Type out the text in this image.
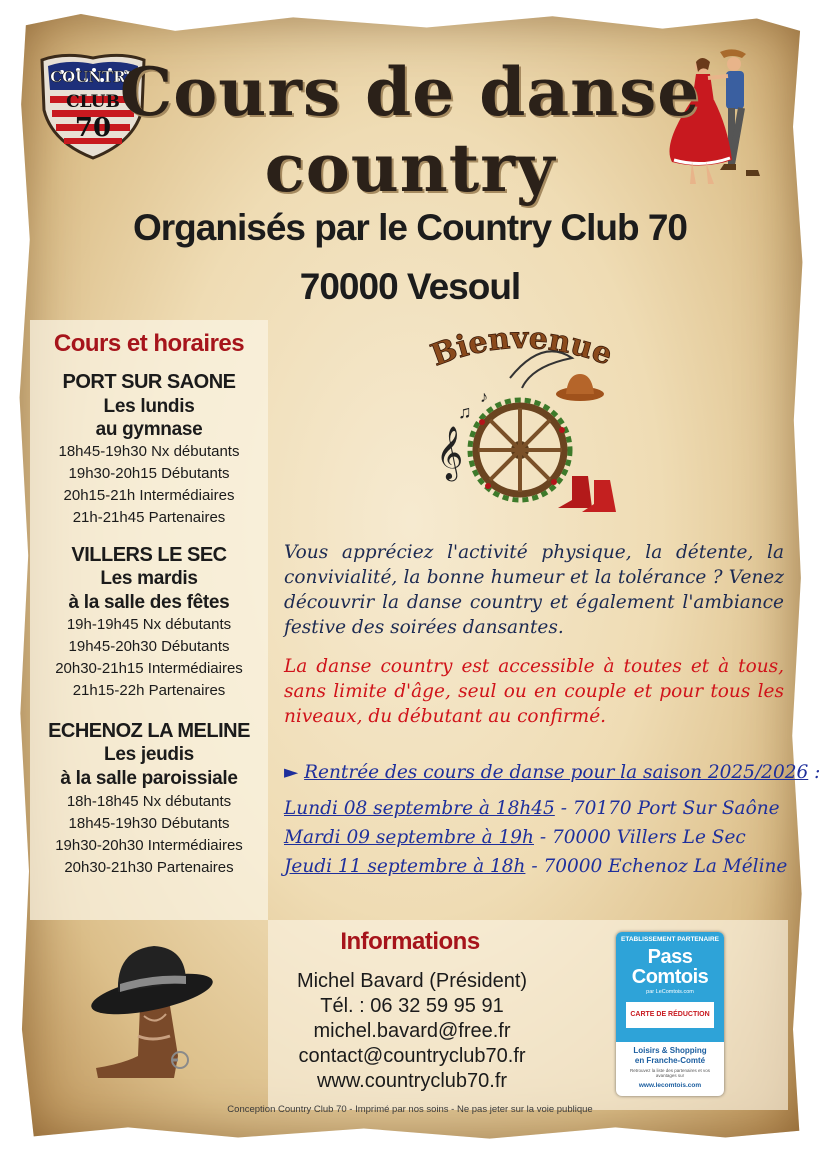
COUNTRY
CLUB
70 Cours de danse
country
Organisés par le Country Club 70
70000 Vesoul
Cours et horaires
PORT SUR SAONE
Les lundis
au gymnase
18h45-19h30 Nx débutants
19h30-20h15 Débutants
20h15-21h Intermédiaires
21h-21h45 Partenaires
VILLERS LE SEC
Les mardis
à la salle des fêtes
19h-19h45 Nx débutants
19h45-20h30 Débutants
20h30-21h15 Intermédiaires
21h15-22h Partenaires
ECHENOZ LA MELINE
Les jeudis
à la salle paroissiale
18h-18h45 Nx débutants
18h45-19h30 Débutants
19h30-20h30 Intermédiaires
20h30-21h30 Partenaires
Bienvenue
𝄞
♫
♪
Vous appréciez l'activité physique, la détente, la convivialité, la bonne humeur et la tolérance ? Venez découvrir la danse country et également l'ambiance festive des soirées dansantes.
La danse country est accessible à toutes et à tous, sans limite d'âge, seul ou en couple et pour tous les niveaux, du débutant au confirmé.
► Rentrée des cours de danse pour la saison 2025/2026 :
Lundi 08 septembre à 18h45 - 70170 Port Sur Saône
Mardi 09 septembre à 19h - 70000 Villers Le Sec
Jeudi 11 septembre à 18h - 70000 Echenoz La Méline
Informations
Michel Bavard (Président)
Tél. : 06 32 59 95 91
michel.bavard@free.fr
contact@countryclub70.fr
www.countryclub70.fr
ETABLISSEMENT PARTENAIRE
Pass
Comtois
par LeComtois.com
CARTE DE RÉDUCTION
Loisirs & Shopping
en Franche-Comté
Retrouvez la liste des partenaires et vos avantages sur
www.lecomtois.com
Conception Country Club 70 - Imprimé par nos soins - Ne pas jeter sur la voie publique
